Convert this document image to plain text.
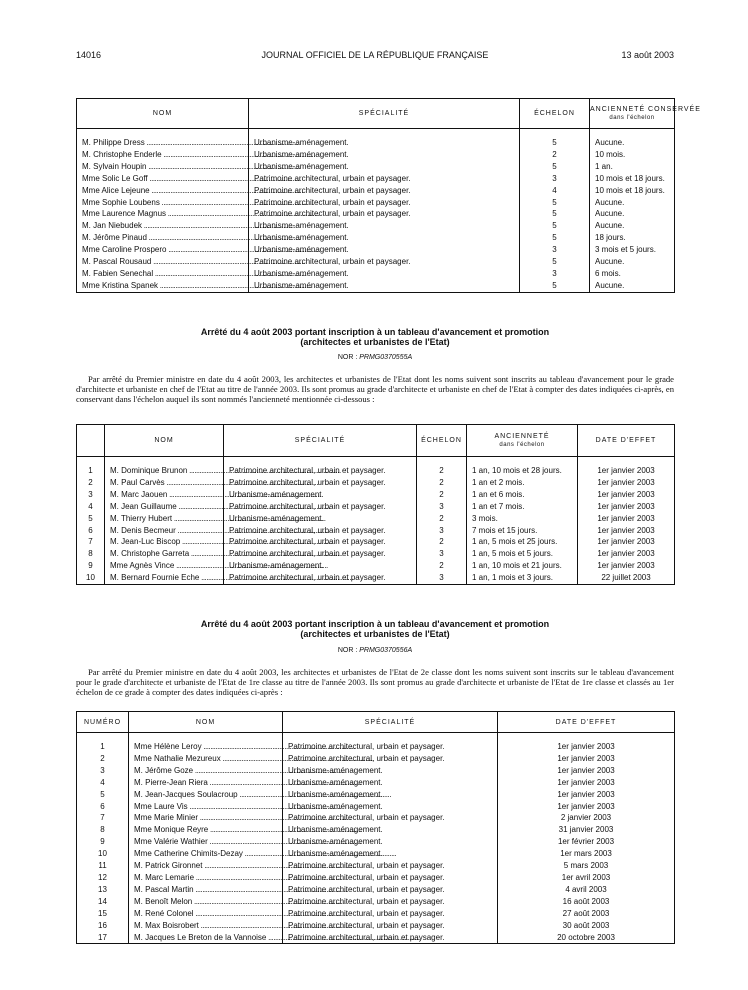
14016	JOURNAL OFFICIEL DE LA RÉPUBLIQUE FRANÇAISE	13 août 2003
NOM	SPÉCIALITÉ	ÉCHELON	ANCIENNETÉ CONSERVÉE
dans l'échelon

M. Philippe Dress .....	Urbanisme-aménagement.	5	Aucune.
M. Christophe Enderle .....	Urbanisme-aménagement.	2	10 mois.
M. Sylvain Houpin .....	Urbanisme-aménagement.	5	1 an.
Mme Solic Le Goff .....	Patrimoine architectural, urbain et paysager.	3	10 mois et 18 jours.
Mme Alice Lejeune .....	Patrimoine architectural, urbain et paysager.	4	10 mois et 18 jours.
Mme Sophie Loubens .....	Patrimoine architectural, urbain et paysager.	5	Aucune.
Mme Laurence Magnus .....	Patrimoine architectural, urbain et paysager.	5	Aucune.
M. Jan Niebudek .....	Urbanisme-aménagement.	5	Aucune.
M. Jérôme Pinaud .....	Urbanisme-aménagement.	5	18 jours.
Mme Caroline Prospero .....	Urbanisme-aménagement.	3	3 mois et 5 jours.
M. Pascal Rousaud .....	Patrimoine architectural, urbain et paysager.	5	Aucune.
M. Fabien Senechal .....	Urbanisme-aménagement.	3	6 mois.
Mme Kristina Spanek .....	Urbanisme-aménagement.	5	Aucune.
Arrêté du 4 août 2003 portant inscription à un tableau d'avancement et promotion
(architectes et urbanistes de l'Etat)
NOR : PRMG0370555A

Par arrêté du Premier ministre en date du 4 août 2003, les architectes et urbanistes de l'Etat dont les noms suivent sont inscrits au tableau d'avancement pour le grade d'architecte et urbaniste en chef de l'Etat au titre de l'année 2003. Ils sont promus au grade d'architecte et urbaniste en chef de l'Etat à compter des dates indiquées ci-après, en conservant dans l'échelon auquel ils sont nommés l'ancienneté mentionnée ci-dessous :

	NOM	SPÉCIALITÉ	ÉCHELON	ANCIENNETÉ
dans l'échelon	DATE D'EFFET

1	M. Dominique Brunon .....	Patrimoine architectural, urbain et paysager.	2	1 an, 10 mois et 28 jours.	1er janvier 2003
2	M. Paul Carvès .....	Patrimoine architectural, urbain et paysager.	2	1 an et 2 mois.	1er janvier 2003
3	M. Marc Jaouen .....	Urbanisme-aménagement.	2	1 an et 6 mois.	1er janvier 2003
4	M. Jean Guillaume .....	Patrimoine architectural, urbain et paysager.	3	1 an et 7 mois.	1er janvier 2003
5	M. Thierry Hubert .....	Urbanisme-aménagement.	2	3 mois.	1er janvier 2003
6	M. Denis Becmeur .....	Patrimoine architectural, urbain et paysager.	3	7 mois et 15 jours.	1er janvier 2003
7	M. Jean-Luc Biscop .....	Patrimoine architectural, urbain et paysager.	2	1 an, 5 mois et 25 jours.	1er janvier 2003
8	M. Christophe Garreta .....	Patrimoine architectural, urbain et paysager.	3	1 an, 5 mois et 5 jours.	1er janvier 2003
9	Mme Agnès Vince .....	Urbanisme-aménagement.	2	1 an, 10 mois et 21 jours.	1er janvier 2003
10	M. Bernard Fournie Eche .....	Patrimoine architectural, urbain et paysager.	3	1 an, 1 mois et 3 jours.	22 juillet 2003
Arrêté du 4 août 2003 portant inscription à un tableau d'avancement et promotion
(architectes et urbanistes de l'Etat)
NOR : PRMG0370556A

Par arrêté du Premier ministre en date du 4 août 2003, les architectes et urbanistes de l'Etat de 2e classe dont les noms suivent sont inscrits sur le tableau d'avancement pour le grade d'architecte et urbaniste de l'Etat de 1re classe au titre de l'année 2003. Ils sont promus au grade d'architecte et urbaniste de l'Etat de 1re classe et classés au 1er échelon de ce grade à compter des dates indiquées ci-après :

NUMÉRO	NOM	SPÉCIALITÉ	DATE D'EFFET

1	Mme Hélène Leroy .....	Patrimoine architectural, urbain et paysager.	1er janvier 2003
2	Mme Nathalie Mezureux .....	Patrimoine architectural, urbain et paysager.	1er janvier 2003
3	M. Jérôme Goze .....	Urbanisme-aménagement.	1er janvier 2003
4	M. Pierre-Jean Riera .....	Urbanisme-aménagement.	1er janvier 2003
5	M. Jean-Jacques Soulacroup .....	Urbanisme-aménagement.	1er janvier 2003
6	Mme Laure Vis .....	Urbanisme-aménagement.	1er janvier 2003
7	Mme Marie Minier .....	Patrimoine architectural, urbain et paysager.	2 janvier 2003
8	Mme Monique Reyre .....	Urbanisme-aménagement.	31 janvier 2003
9	Mme Valérie Wathier .....	Urbanisme-aménagement.	1er février 2003
10	Mme Catherine Chimits-Dezay .....	Urbanisme-aménagement.	1er mars 2003
11	M. Patrick Gironnet .....	Patrimoine architectural, urbain et paysager.	5 mars 2003
12	M. Marc Lemarie .....	Patrimoine architectural, urbain et paysager.	1er avril 2003
13	M. Pascal Martin .....	Patrimoine architectural, urbain et paysager.	4 avril 2003
14	M. Benoît Melon .....	Patrimoine architectural, urbain et paysager.	16 août 2003
15	M. René Colonel .....	Patrimoine architectural, urbain et paysager.	27 août 2003
16	M. Max Boisrobert .....	Patrimoine architectural, urbain et paysager.	30 août 2003
17	M. Jacques Le Breton de la Vannoise .....	Patrimoine architectural, urbain et paysager.	20 octobre 2003
